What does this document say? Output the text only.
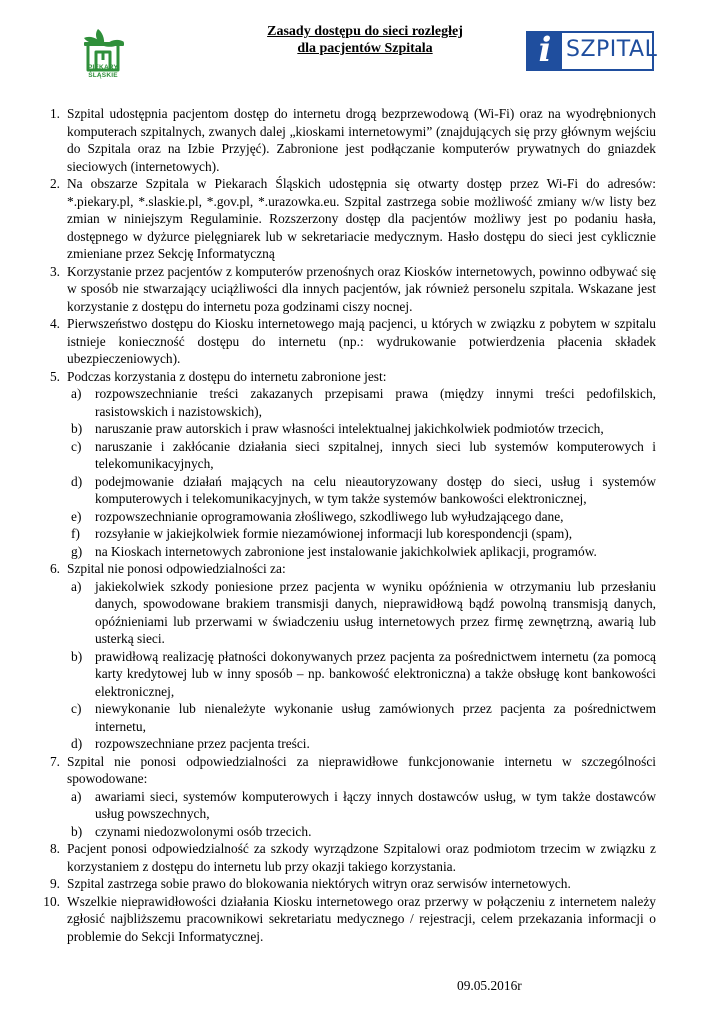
PIEKARY
ŚLĄSKIE
Zasady dostępu do sieci rozległej
dla pacjentów Szpitala	i SZPITAL
1. Szpital udostępnia pacjentom dostęp do internetu drogą bezprzewodową (Wi-Fi) oraz na wyodrębnionych komputerach szpitalnych, zwanych dalej „kioskami internetowymi” (znajdujących się przy głównym wejściu do Szpitala oraz na Izbie Przyjęć). Zabronione jest podłączanie komputerów prywatnych do gniazdek sieciowych (internetowych).
2. Na obszarze Szpitala w Piekarach Śląskich udostępnia się otwarty dostęp przez Wi-Fi do adresów: *.piekary.pl, *.slaskie.pl, *.gov.pl, *.urazowka.eu. Szpital zastrzega sobie możliwość zmiany w/w listy bez zmian w niniejszym Regulaminie. Rozszerzony dostęp dla pacjentów możliwy jest po podaniu hasła, dostępnego w dyżurce pielęgniarek lub w sekretariacie medycznym. Hasło dostępu do sieci jest cyklicznie zmieniane przez Sekcję Informatyczną
3. Korzystanie przez pacjentów z komputerów przenośnych oraz Kiosków internetowych, powinno odbywać się w sposób nie stwarzający uciążliwości dla innych pacjentów, jak również personelu szpitala. Wskazane jest korzystanie z dostępu do internetu poza godzinami ciszy nocnej.
4. Pierwszeństwo dostępu do Kiosku internetowego mają pacjenci, u których w związku z pobytem w szpitalu istnieje konieczność dostępu do internetu (np.: wydrukowanie potwierdzenia płacenia składek ubezpieczeniowych).
5. Podczas korzystania z dostępu do internetu zabronione jest:
a)	rozpowszechnianie treści zakazanych przepisami prawa (między innymi treści pedofilskich, rasistowskich i nazistowskich),
b) naruszanie praw autorskich i praw własności intelektualnej jakichkolwiek podmiotów trzecich,
c)	naruszanie i zakłócanie działania sieci szpitalnej, innych sieci lub systemów komputerowych i telekomunikacyjnych,
d) podejmowanie działań mających na celu nieautoryzowany dostęp do sieci, usług i systemów komputerowych i telekomunikacyjnych, w tym także systemów bankowości elektronicznej,
e)	rozpowszechnianie oprogramowania złośliwego, szkodliwego lub wyłudzającego dane,
f)	rozsyłanie w jakiejkolwiek formie niezamówionej informacji lub korespondencji (spam),
g) na Kioskach internetowych zabronione jest instalowanie jakichkolwiek aplikacji, programów.
6. Szpital nie ponosi odpowiedzialności za:
a)	jakiekolwiek szkody poniesione przez pacjenta w wyniku opóźnienia w otrzymaniu lub przesłaniu danych, spowodowane brakiem transmisji danych, nieprawidłową bądź powolną transmisją danych, opóźnieniami lub przerwami w świadczeniu usług internetowych przez firmę zewnętrzną, awarią lub usterką sieci.
b) prawidłową realizację płatności dokonywanych przez pacjenta za pośrednictwem internetu (za pomocą karty kredytowej lub w inny sposób – np. bankowość elektroniczna) a także obsługę kont bankowości elektronicznej,
c)	niewykonanie lub nienależyte wykonanie usług zamówionych przez pacjenta za pośrednictwem internetu,
d) rozpowszechniane przez pacjenta treści.
7. Szpital nie ponosi odpowiedzialności za nieprawidłowe funkcjonowanie internetu w szczególności spowodowane:
a)	awariami sieci, systemów komputerowych i łączy innych dostawców usług, w tym także dostawców usług powszechnych,
b) czynami niedozwolonymi osób trzecich.
8. Pacjent ponosi odpowiedzialność za szkody wyrządzone Szpitalowi oraz podmiotom trzecim w związku z korzystaniem z dostępu do internetu lub przy okazji takiego korzystania.
9. Szpital zastrzega sobie prawo do blokowania niektórych witryn oraz serwisów internetowych.
10. Wszelkie nieprawidłowości działania Kiosku internetowego oraz przerwy w połączeniu z internetem należy zgłosić najbliższemu pracownikowi sekretariatu medycznego / rejestracji, celem przekazania informacji o problemie do Sekcji Informatycznej.
09.05.2016r
